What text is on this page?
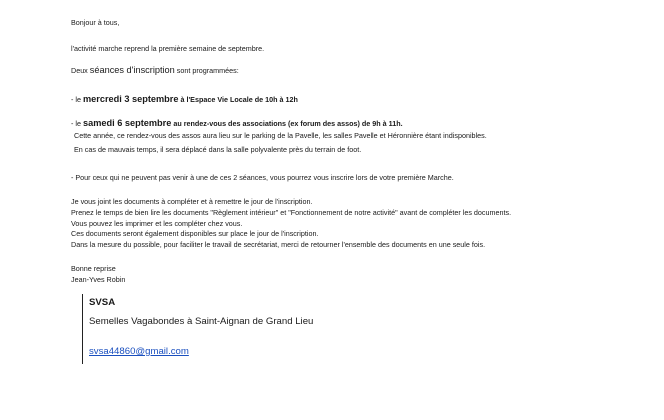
Bonjour à tous,

l'activité marche reprend la première semaine de septembre.

Deux séances d'inscription sont programmées:

- le mercredi 3 septembre à l'Espace Vie Locale de 10h à 12h

- le samedi 6 septembre au rendez-vous des associations (ex forum des assos) de 9h à 11h.

Cette année, ce rendez-vous des assos aura lieu sur le parking de la Pavelle, les salles Pavelle et Héronnière étant indisponibles.

En cas de mauvais temps, il sera déplacé dans la salle polyvalente près du terrain de foot.

- Pour ceux qui ne peuvent pas venir à une de ces 2 séances, vous pourrez vous inscrire lors de votre première Marche.

Je vous joint les documents à compléter et à remettre le jour de l'inscription.

Prenez le temps de bien lire les documents "Règlement intérieur" et "Fonctionnement de notre activité" avant de compléter les documents.

Vous pouvez les imprimer et les compléter chez vous.

Ces documents seront également disponibles sur place le jour de l'inscription.

Dans la mesure du possible, pour faciliter le travail de secrétariat, merci de retourner l'ensemble des documents en une seule fois.

Bonne reprise

Jean-Yves Robin

SVSA

Semelles Vagabondes à Saint-Aignan de Grand Lieu

svsa44860@gmail.com
